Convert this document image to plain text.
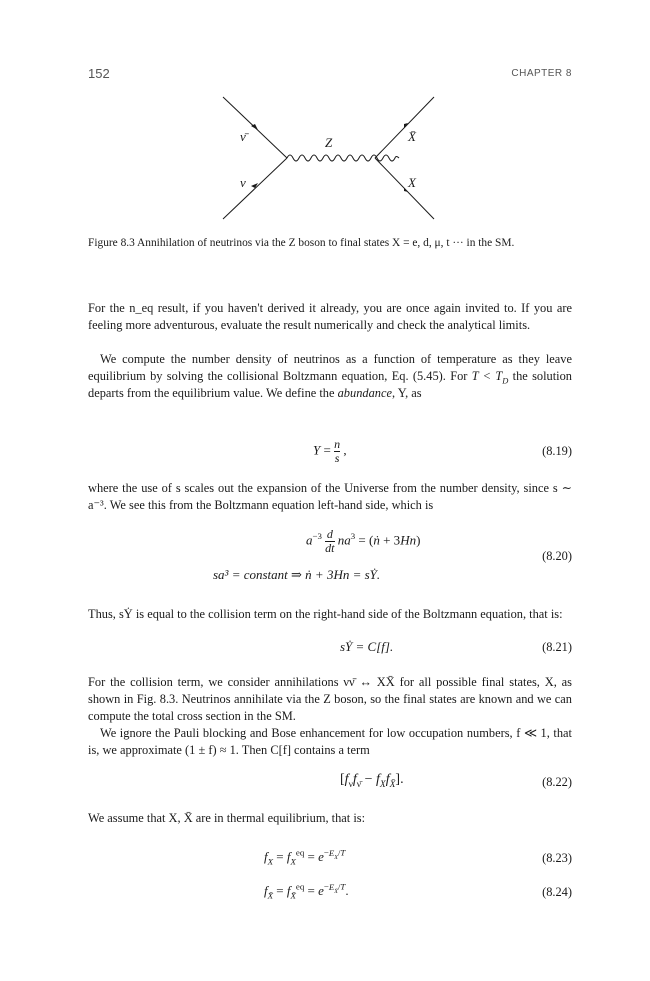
152	CHAPTER 8
ν̄
ν
Z	X̄
X
Figure 8.3 Annihilation of neutrinos via the Z boson to final states X = e, d, μ, t ··· in the SM.

For the n_eq result, if you haven't derived it already, you are once again invited to. If you are feeling more adventurous, evaluate the result numerically and check the analytical limits.

We compute the number density of neutrinos as a function of temperature as they leave equilibrium by solving the collisional Boltzmann equation, Eq. (5.45). For $T < T_D$ the solution departs from the equilibrium value. We define the abundance, Y, as

$Y = \frac{n}{s}$ ,	(8.19)

where the use of s scales out the expansion of the Universe from the number density, since s ∼ a⁻³. We see this from the Boltzmann equation left-hand side, which is

$a^{-3} \frac{d}{dt} na^3$ = (ṅ + 3Hn)
sa³ = constant ⇒ ṅ + 3Hn = sẎ.
(8.20)

Thus, sẎ is equal to the collision term on the right-hand side of the Boltzmann equation, that is:

sẎ = C[f].	(8.21)

For the collision term, we consider annihilations νν̄ ↔ XX̄ for all possible final states, X, as shown in Fig. 8.3. Neutrinos annihilate via the Z boson, so the final states are known and we can compute the total cross section in the SM.

We ignore the Pauli blocking and Bose enhancement for low occupation numbers, f ≪ 1, that is, we approximate (1 ± f) ≈ 1. Then C[f] contains a term

$[f_\nu f_{\nū} - f_Xf_{X̄}]$.	(8.22)

We assume that X, X̄ are in thermal equilibrium, that is:

$f_X = f_X^{eq} = e^{-E_X/T}$	(8.23)
$f_{X̄} = f_{X̄}^{eq} = e^{-E_{X̄}/T}$.	(8.24)
